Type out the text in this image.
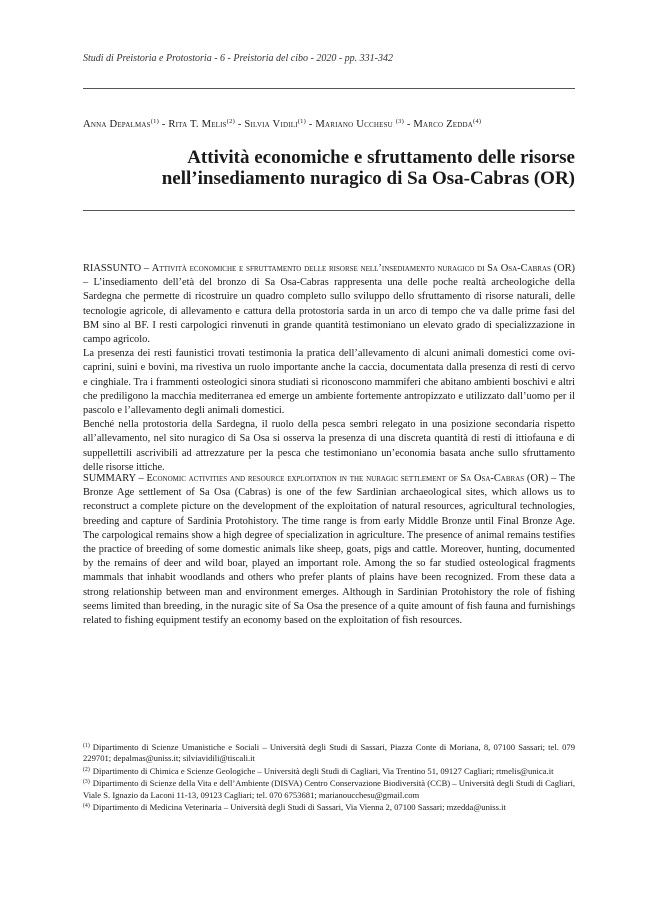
Studi di Preistoria e Protostoria - 6 - Preistoria del cibo - 2020 - pp. 331-342
Anna Depalmas$^{(1)}$ - Rita T. Melis$^{(2)}$ - Silvia Vidili$^{(1)}$ - Mariano Ucchesu $^{(3)}$ - Marco Zedda$^{(4)}$
Attività economiche e sfruttamento delle risorse
nell’insediamento nuragico di Sa Osa-Cabras (OR)

RIASSUNTO – Attività economiche e sfruttamento delle risorse nell’insediamento nuragico di Sa Osa-Cabras (OR) – L’insediamento dell’età del bronzo di Sa Osa-Cabras rappresenta una delle poche realtà archeologiche della Sardegna che permette di ricostruire un quadro completo sullo sviluppo dello sfruttamento di risorse naturali, delle tecnologie agricole, di allevamento e cattura della protostoria sarda in un arco di tempo che va dalle prime fasi del BM sino al BF. I resti carpologici rinvenuti in grande quantità testimoniano un elevato grado di specializzazione in campo agricolo.

La presenza dei resti faunistici trovati testimonia la pratica dell’allevamento di alcuni animali domestici come ovi-caprini, suini e bovini, ma rivestiva un ruolo importante anche la caccia, documentata dalla presenza di resti di cervo e cinghiale. Tra i frammenti osteologici sinora studiati si riconoscono mammiferi che abitano ambienti boschivi e altri che prediligono la macchia mediterranea ed emerge un ambiente fortemente antropizzato e utilizzato dall’uomo per il pascolo e l’allevamento degli animali domestici.

Benché nella protostoria della Sardegna, il ruolo della pesca sembri relegato in una posizione secondaria rispetto all’allevamento, nel sito nuragico di Sa Osa si osserva la presenza di una discreta quantità di resti di ittiofauna e di suppellettili ascrivibili ad attrezzature per la pesca che testimoniano un’economia basata anche sullo sfruttamento delle risorse ittiche.

SUMMARY – Economic activities and resource exploitation in the nuragic settlement of Sa Osa-Cabras (OR) – The Bronze Age settlement of Sa Osa (Cabras) is one of the few Sardinian archaeological sites, which allows us to reconstruct a complete picture on the development of the exploitation of natural resources, agricultural technologies, breeding and capture of Sardinia Protohistory. The time range is from early Middle Bronze until Final Bronze Age. The carpological remains show a high degree of specialization in agriculture. The presence of animal remains testifies the practice of breeding of some domestic animals like sheep, goats, pigs and cattle. Moreover, hunting, documented by the remains of deer and wild boar, played an important role. Among the so far studied osteological fragments mammals that inhabit woodlands and others who prefer plants of plains have been recognized. From these data a strong relationship between man and environment emerges. Although in Sardinian Protohistory the role of fishing seems limited than breeding, in the nuragic site of Sa Osa the presence of a quite amount of fish fauna and furnishings related to fishing equipment testify an economy based on the exploitation of fish resources.

$^{(1)}$ Dipartimento di Scienze Umanistiche e Sociali – Università degli Studi di Sassari, Piazza Conte di Moriana, 8, 07100 Sassari; tel. 079 229701; depalmas@uniss.it; silviavidili@tiscali.it

$^{(2)}$ Dipartimento di Chimica e Scienze Geologiche – Università degli Studi di Cagliari, Via Trentino 51, 09127 Cagliari; rtmelis@unica.it

$^{(3)}$ Dipartimento di Scienze della Vita e dell’Ambiente (DISVA) Centro Conservazione Biodiversità (CCB) – Università degli Studi di Cagliari, Viale S. Ignazio da Laconi 11-13, 09123 Cagliari; tel. 070 6753681; marianoucchesu@gmail.com

$^{(4)}$ Dipartimento di Medicina Veterinaria – Università degli Studi di Sassari, Via Vienna 2, 07100 Sassari; mzedda@uniss.it
